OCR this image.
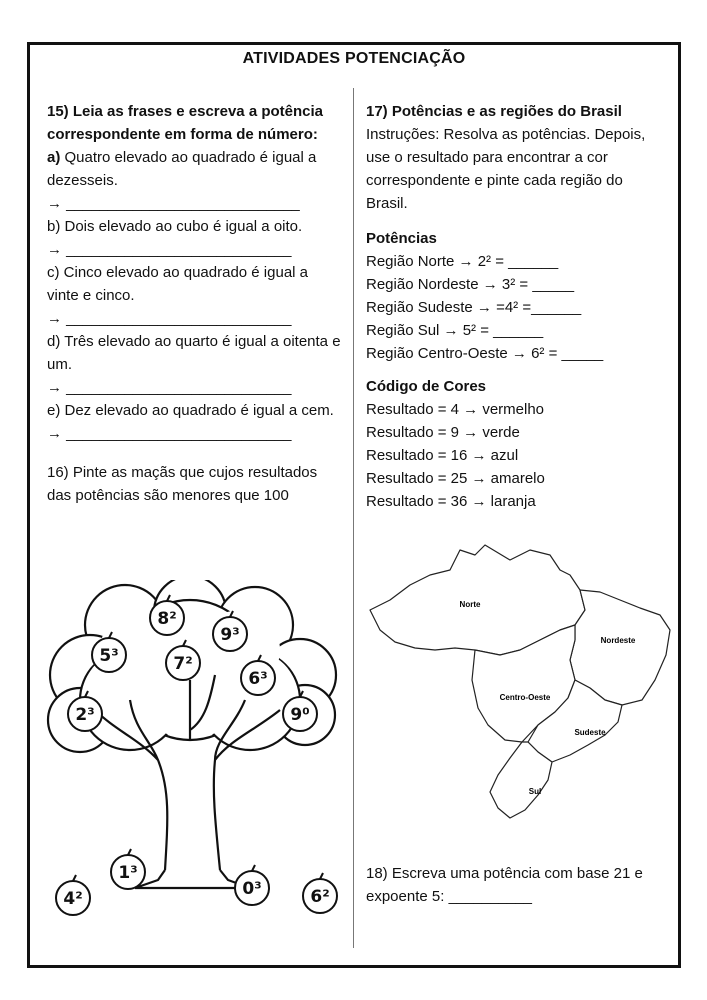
ATIVIDADES POTENCIAÇÃO

15) Leia as frases e escreva a potência correspondente em forma de número:

a) Quatro elevado ao quadrado é igual a dezesseis.

→ ____________________________

b) Dois elevado ao cubo é igual a oito.

→ ___________________________

c) Cinco elevado ao quadrado é igual a vinte e cinco.

→ ___________________________

d) Três elevado ao quarto é igual a oitenta e um.

→ ___________________________

e) Dez elevado ao quadrado é igual a cem.

→ ___________________________

16) Pinte as maçãs que cujos resultados das potências são menores que 100

8²
9³
5³	7²
6³
2³	9⁰
1³
4²	0³	6²

17) Potências e as regiões do Brasil

Instruções: Resolva as potências. Depois, use o resultado para encontrar a cor correspondente e pinte cada região do Brasil.

Potências

Região Norte → 2² = ______

Região Nordeste → 3² = _____

Região Sudeste → =4² =______

Região Sul → 5² = ______

Região Centro-Oeste → 6² = _____

Código de Cores

Resultado = 4 → vermelho

Resultado = 9 → verde

Resultado = 16 → azul

Resultado = 25 → amarelo

Resultado = 36 → laranja

Norte
Nordeste
Centro-Oeste
Sudeste
Sul
18) Escreva uma potência com base 21 e expoente 5: __________
